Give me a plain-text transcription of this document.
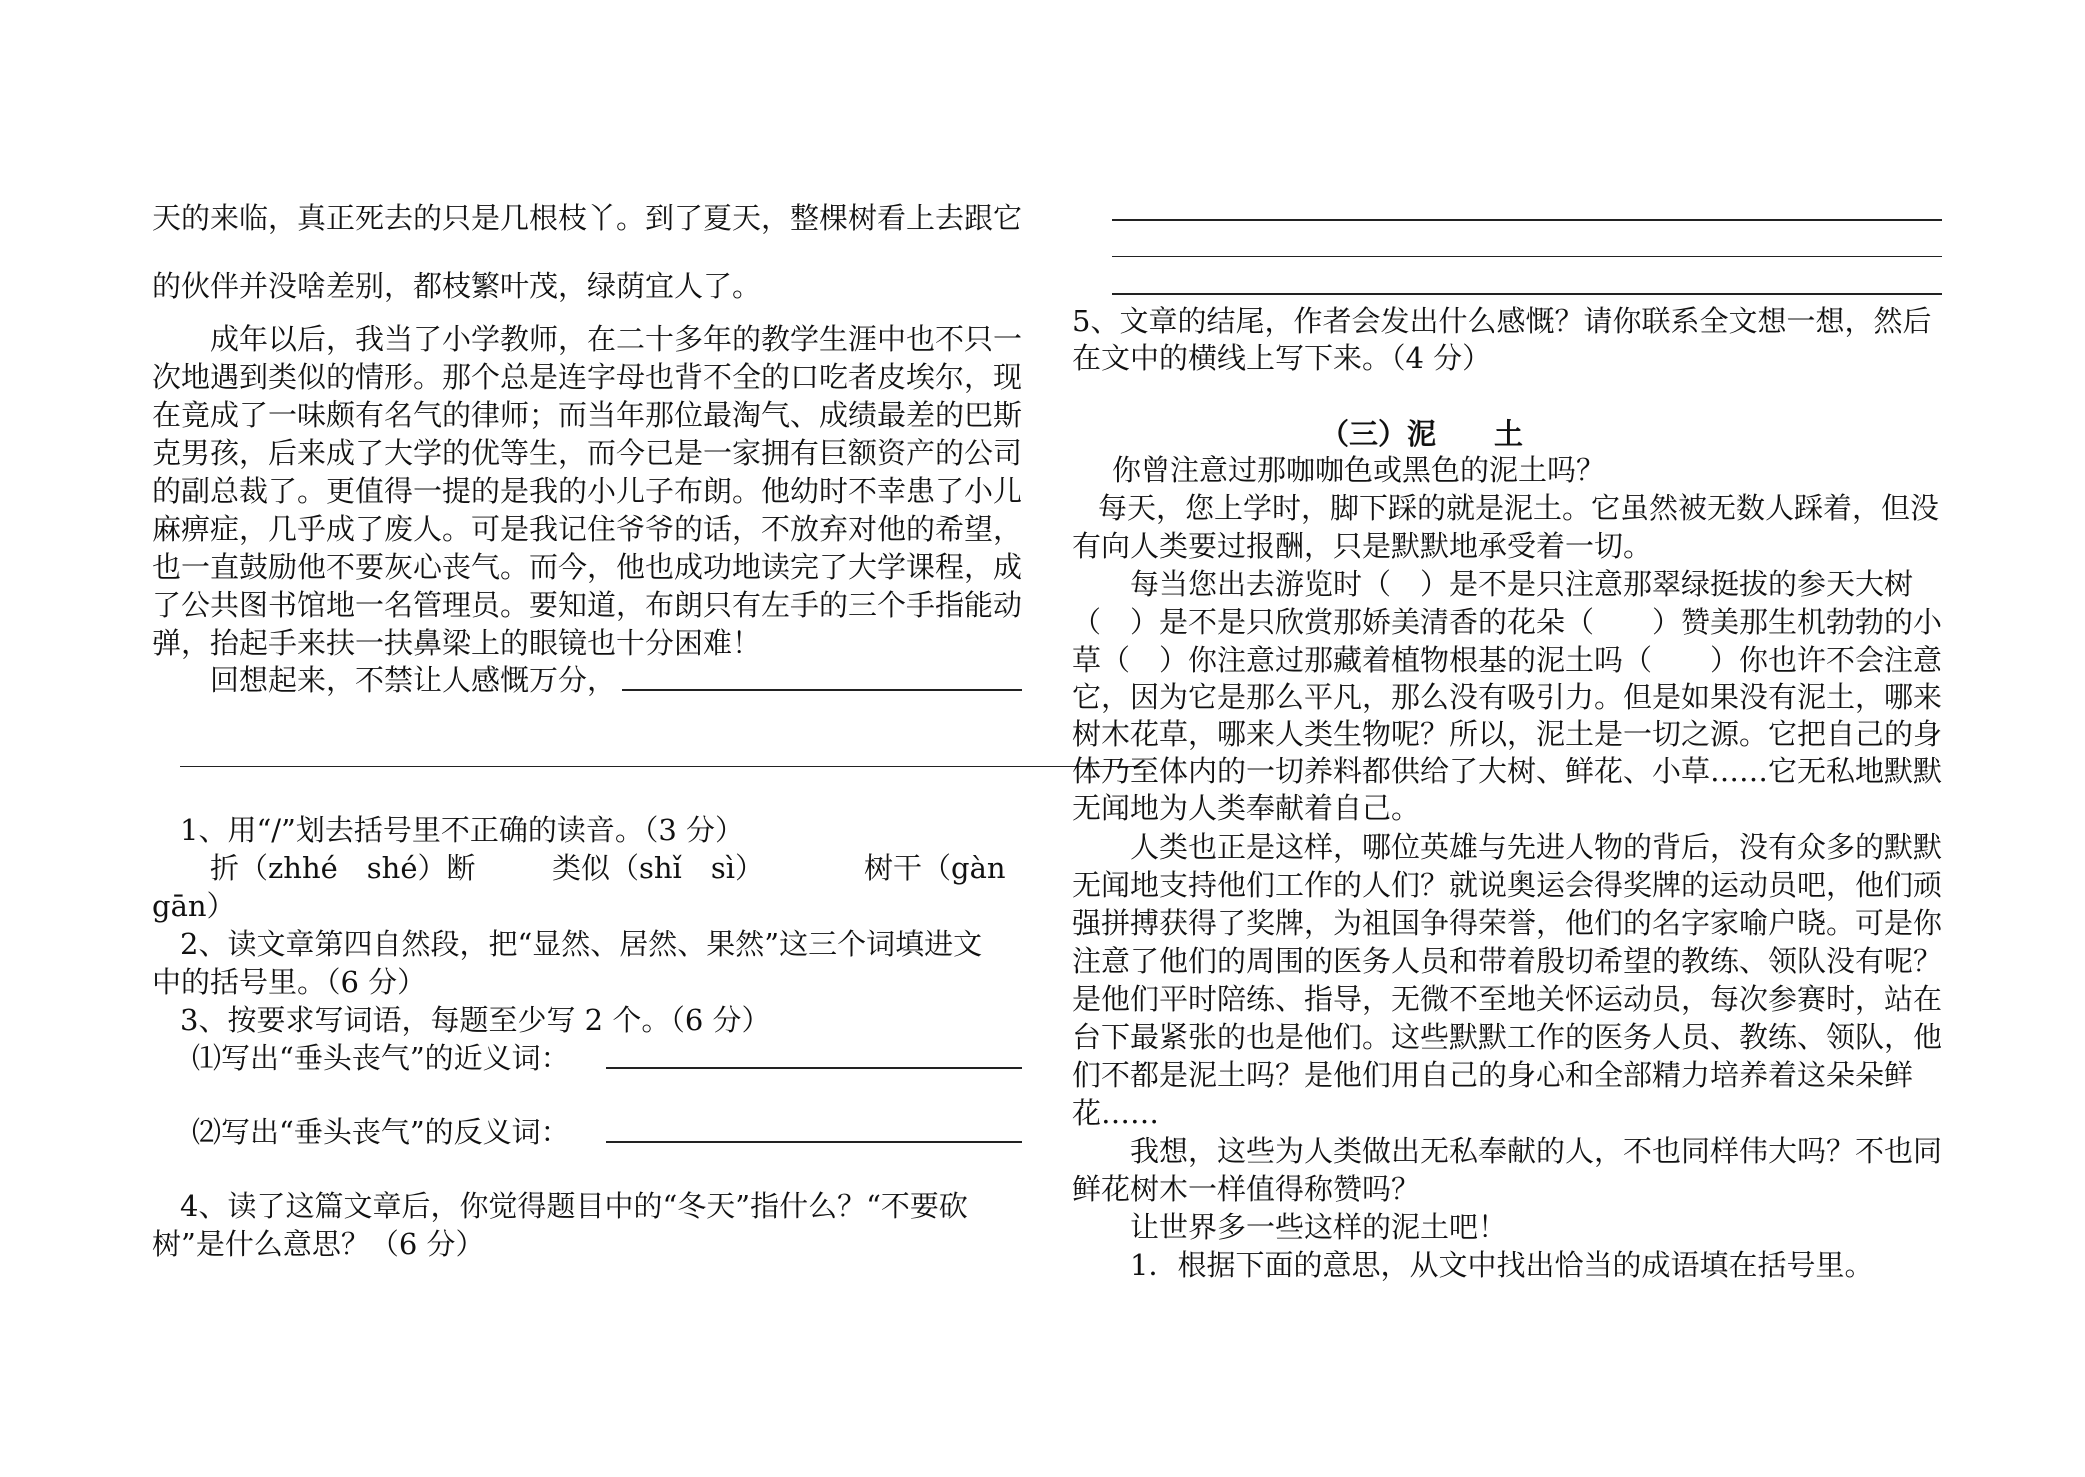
天的来临，真正死去的只是几根枝丫。到了夏天，整棵树看上去跟它
的伙伴并没啥差别，都枝繁叶茂，绿荫宜人了。
成年以后，我当了小学教师，在二十多年的教学生涯中也不只一
次地遇到类似的情形。那个总是连字母也背不全的口吃者皮埃尔，现
在竟成了一味颇有名气的律师；而当年那位最淘气、成绩最差的巴斯
克男孩，后来成了大学的优等生，而今已是一家拥有巨额资产的公司
的副总裁了。更值得一提的是我的小儿子布朗。他幼时不幸患了小儿
麻痹症，几乎成了废人。可是我记住爷爷的话，不放弃对他的希望，
也一直鼓励他不要灰心丧气。而今，他也成功地读完了大学课程，成
了公共图书馆地一名管理员。要知道，布朗只有左手的三个手指能动
弹，抬起手来扶一扶鼻梁上的眼镜也十分困难！
回想起来，不禁让人感慨万分，
1、用“/”划去括号里不正确的读音。（3 分）
折（zhhé　shé）断	类似（shǐ　sì）	树干（gàn
gān）
2、读文章第四自然段，把“显然、居然、果然”这三个词填进文
中的括号里。（6 分）
3、按要求写词语，每题至少写 2 个。（6 分）
⑴写出“垂头丧气”的近义词：
⑵写出“垂头丧气”的反义词：
4、读了这篇文章后，你觉得题目中的“冬天”指什么？“不要砍
树”是什么意思？（6 分）
5、文章的结尾，作者会发出什么感慨？请你联系全文想一想，然后
在文中的横线上写下来。（4 分）
（三）泥　　土
你曾注意过那咖咖色或黑色的泥土吗？
每天，您上学时，脚下踩的就是泥土。它虽然被无数人踩着，但没
有向人类要过报酬，只是默默地承受着一切。
每当您出去游览时（　）是不是只注意那翠绿挺拔的参天大树
（　）是不是只欣赏那娇美清香的花朵（　　）赞美那生机勃勃的小
草（　）你注意过那藏着植物根基的泥土吗（　　）你也许不会注意
它，因为它是那么平凡，那么没有吸引力。但是如果没有泥土，哪来
树木花草，哪来人类生物呢？所以，泥土是一切之源。它把自己的身
体乃至体内的一切养料都供给了大树、鲜花、小草……它无私地默默
无闻地为人类奉献着自己。
人类也正是这样，哪位英雄与先进人物的背后，没有众多的默默
无闻地支持他们工作的人们？就说奥运会得奖牌的运动员吧，他们顽
强拼搏获得了奖牌，为祖国争得荣誉，他们的名字家喻户晓。可是你
注意了他们的周围的医务人员和带着殷切希望的教练、领队没有呢？
是他们平时陪练、指导，无微不至地关怀运动员，每次参赛时，站在
台下最紧张的也是他们。这些默默工作的医务人员、教练、领队，他
们不都是泥土吗？是他们用自己的身心和全部精力培养着这朵朵鲜
花……
我想，这些为人类做出无私奉献的人，不也同样伟大吗？不也同
鲜花树木一样值得称赞吗？
让世界多一些这样的泥土吧！
1．根据下面的意思，从文中找出恰当的成语填在括号里。
